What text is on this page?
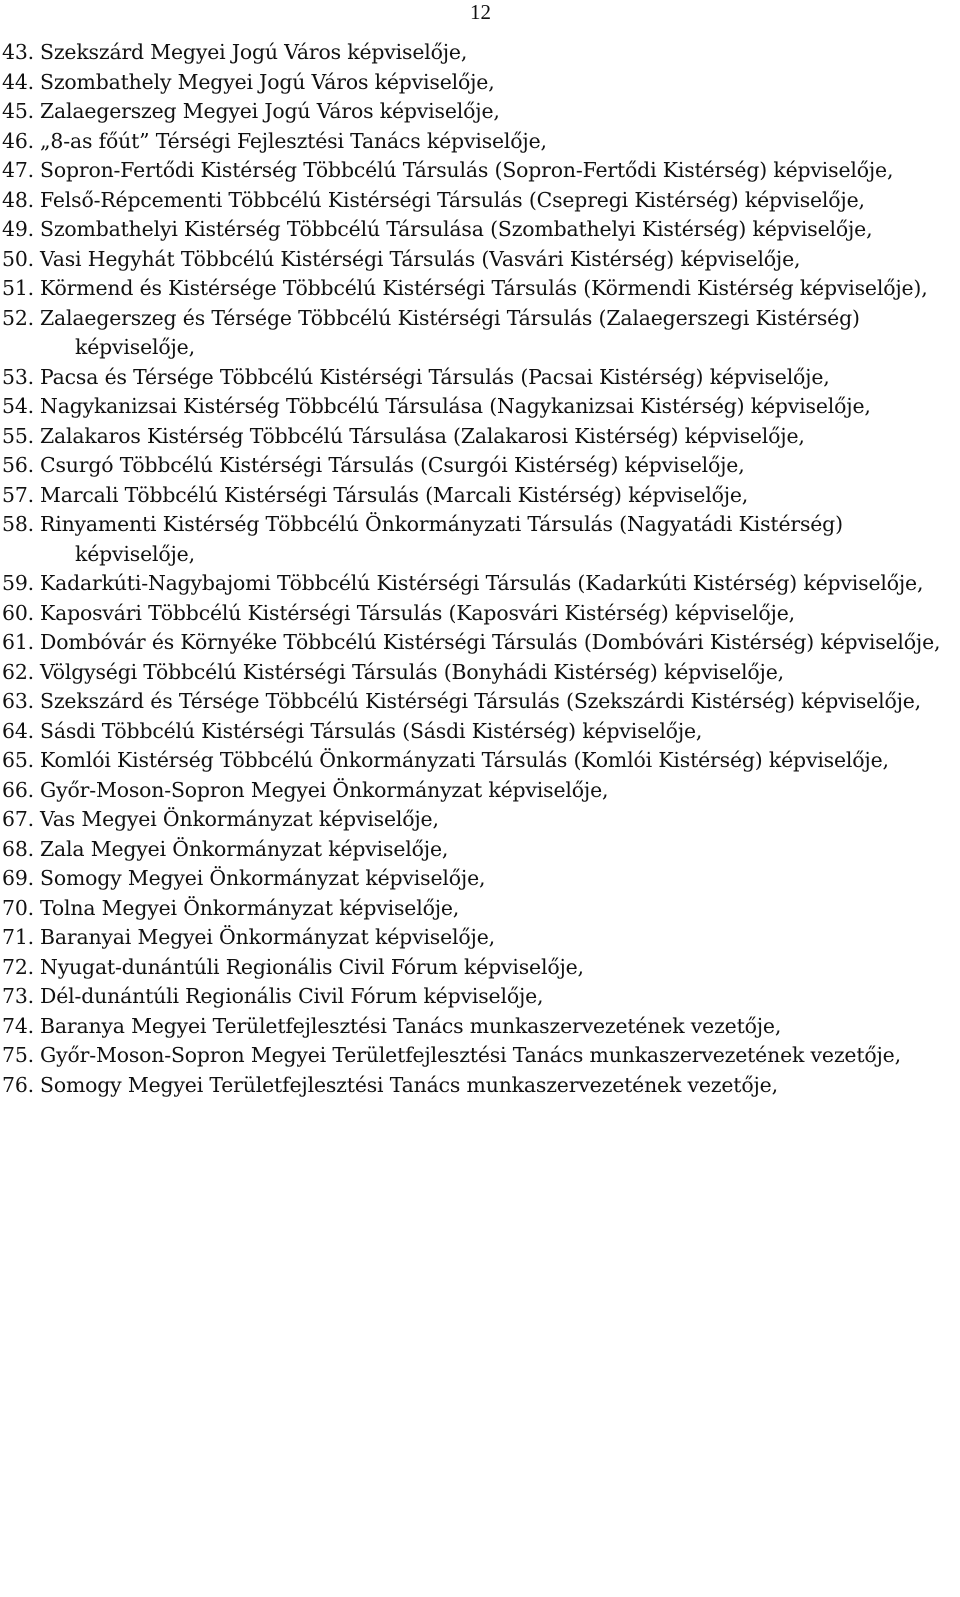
12
43. Szekszárd Megyei Jogú Város képviselője,
44. Szombathely Megyei Jogú Város képviselője,
45. Zalaegerszeg Megyei Jogú Város képviselője,
46. „8-as főút” Térségi Fejlesztési Tanács képviselője,
47. Sopron-Fertődi Kistérség Többcélú Társulás (Sopron-Fertődi Kistérség) képviselője,
48. Felső-Répcementi Többcélú Kistérségi Társulás (Csepregi Kistérség) képviselője,
49. Szombathelyi Kistérség Többcélú Társulása (Szombathelyi Kistérség) képviselője,
50. Vasi Hegyhát Többcélú Kistérségi Társulás (Vasvári Kistérség) képviselője,
51. Körmend és Kistérsége Többcélú Kistérségi Társulás (Körmendi Kistérség képviselője),
52. Zalaegerszeg és Térsége Többcélú Kistérségi Társulás (Zalaegerszegi Kistérség) képviselője,
53. Pacsa és Térsége Többcélú Kistérségi Társulás (Pacsai Kistérség) képviselője,
54. Nagykanizsai Kistérség Többcélú Társulása (Nagykanizsai Kistérség) képviselője,
55. Zalakaros Kistérség Többcélú Társulása (Zalakarosi Kistérség) képviselője,
56. Csurgó Többcélú Kistérségi Társulás (Csurgói Kistérség) képviselője,
57. Marcali Többcélú Kistérségi Társulás (Marcali Kistérség) képviselője,
58. Rinyamenti Kistérség Többcélú Önkormányzati Társulás (Nagyatádi Kistérség) képviselője,
59. Kadarkúti-Nagybajomi Többcélú Kistérségi Társulás (Kadarkúti Kistérség) képviselője,
60. Kaposvári Többcélú Kistérségi Társulás (Kaposvári Kistérség) képviselője,
61. Dombóvár és Környéke Többcélú Kistérségi Társulás (Dombóvári Kistérség) képviselője,
62. Völgységi Többcélú Kistérségi Társulás (Bonyhádi Kistérség) képviselője,
63. Szekszárd és Térsége Többcélú Kistérségi Társulás (Szekszárdi Kistérség) képviselője,
64. Sásdi Többcélú Kistérségi Társulás (Sásdi Kistérség) képviselője,
65. Komlói Kistérség Többcélú Önkormányzati Társulás (Komlói Kistérség) képviselője,
66. Győr-Moson-Sopron Megyei Önkormányzat képviselője,
67. Vas Megyei Önkormányzat képviselője,
68. Zala Megyei Önkormányzat képviselője,
69. Somogy Megyei Önkormányzat képviselője,
70. Tolna Megyei Önkormányzat képviselője,
71. Baranyai Megyei Önkormányzat képviselője,
72. Nyugat-dunántúli Regionális Civil Fórum képviselője,
73. Dél-dunántúli Regionális Civil Fórum képviselője,
74. Baranya Megyei Területfejlesztési Tanács munkaszervezetének vezetője,
75. Győr-Moson-Sopron Megyei Területfejlesztési Tanács munkaszervezetének vezetője,
76. Somogy Megyei Területfejlesztési Tanács munkaszervezetének vezetője,
